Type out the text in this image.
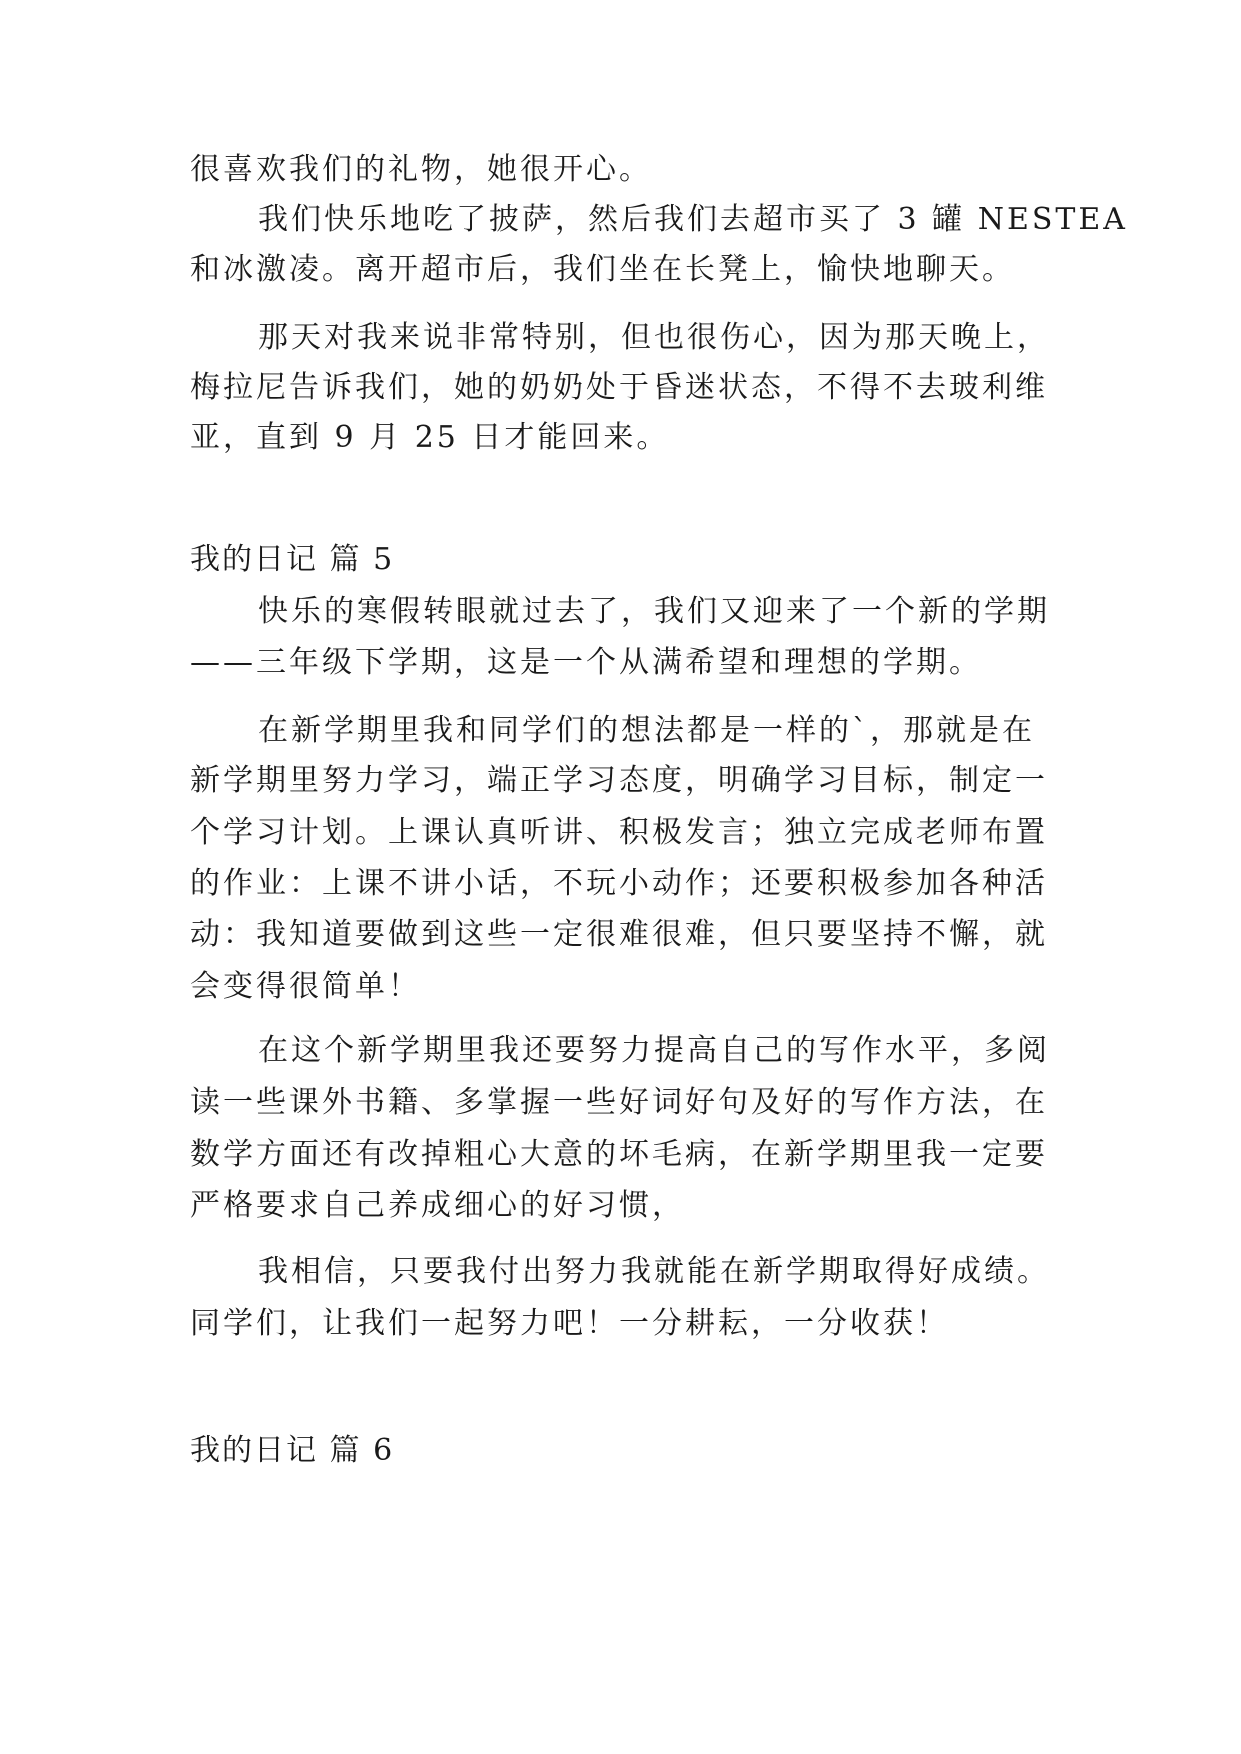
很喜欢我们的礼物，她很开心。
我们快乐地吃了披萨，然后我们去超市买了 3 罐 NESTEA
和冰激凌。离开超市后，我们坐在长凳上，愉快地聊天。
那天对我来说非常特别，但也很伤心，因为那天晚上，
梅拉尼告诉我们，她的奶奶处于昏迷状态，不得不去玻利维
亚，直到 9 月 25 日才能回来。
我的日记 篇 5
快乐的寒假转眼就过去了，我们又迎来了一个新的学期
——三年级下学期，这是一个从满希望和理想的学期。
在新学期里我和同学们的想法都是一样的`，那就是在
新学期里努力学习，端正学习态度，明确学习目标，制定一
个学习计划。上课认真听讲、积极发言；独立完成老师布置
的作业：上课不讲小话，不玩小动作；还要积极参加各种活
动：我知道要做到这些一定很难很难，但只要坚持不懈，就
会变得很简单！
在这个新学期里我还要努力提高自己的写作水平，多阅
读一些课外书籍、多掌握一些好词好句及好的写作方法，在
数学方面还有改掉粗心大意的坏毛病，在新学期里我一定要
严格要求自己养成细心的好习惯，
我相信，只要我付出努力我就能在新学期取得好成绩。
同学们，让我们一起努力吧！一分耕耘，一分收获！
我的日记 篇 6
